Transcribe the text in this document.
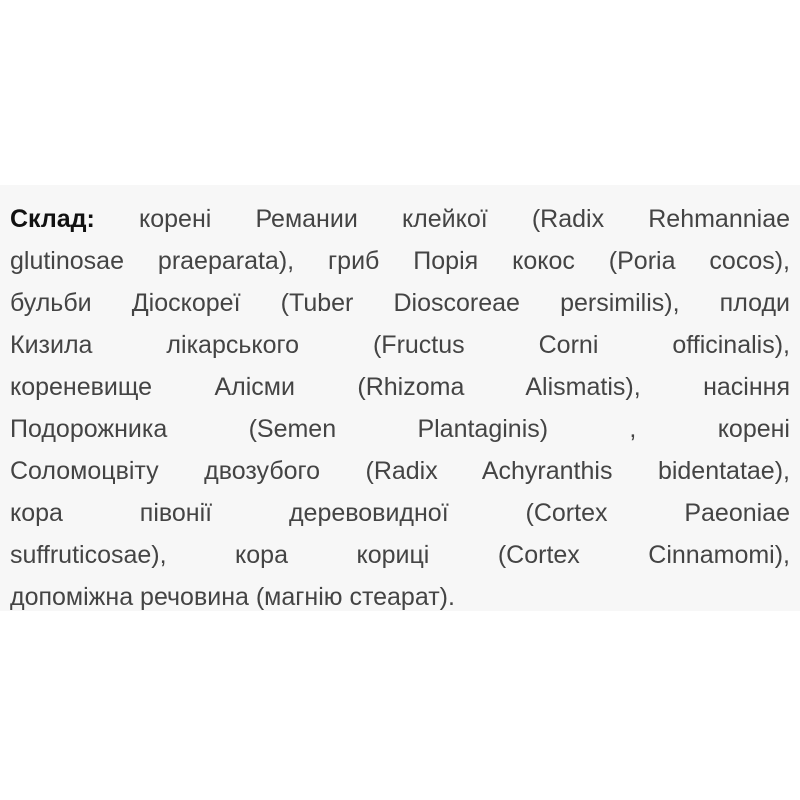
Склад: корені Ремании клейкої (Radix Rehmanniae
glutinosae praeparata), гриб Порія кокос (Poria cocos),
бульби Діоскореї (Tuber Dioscoreae persimilis), плоди
Кизила лікарського (Fructus Corni officinalis),
кореневище Алісми (Rhizoma Alismatis), насіння
Подорожника (Semen Plantaginis) , корені
Соломоцвіту двозубого (Radix Achyranthis bidentatae),
кора півонії деревовидної (Cortex Paeoniae
suffruticosae), кора кориці (Cortex Cinnamomi),
допоміжна речовина (магнію стеарат).
